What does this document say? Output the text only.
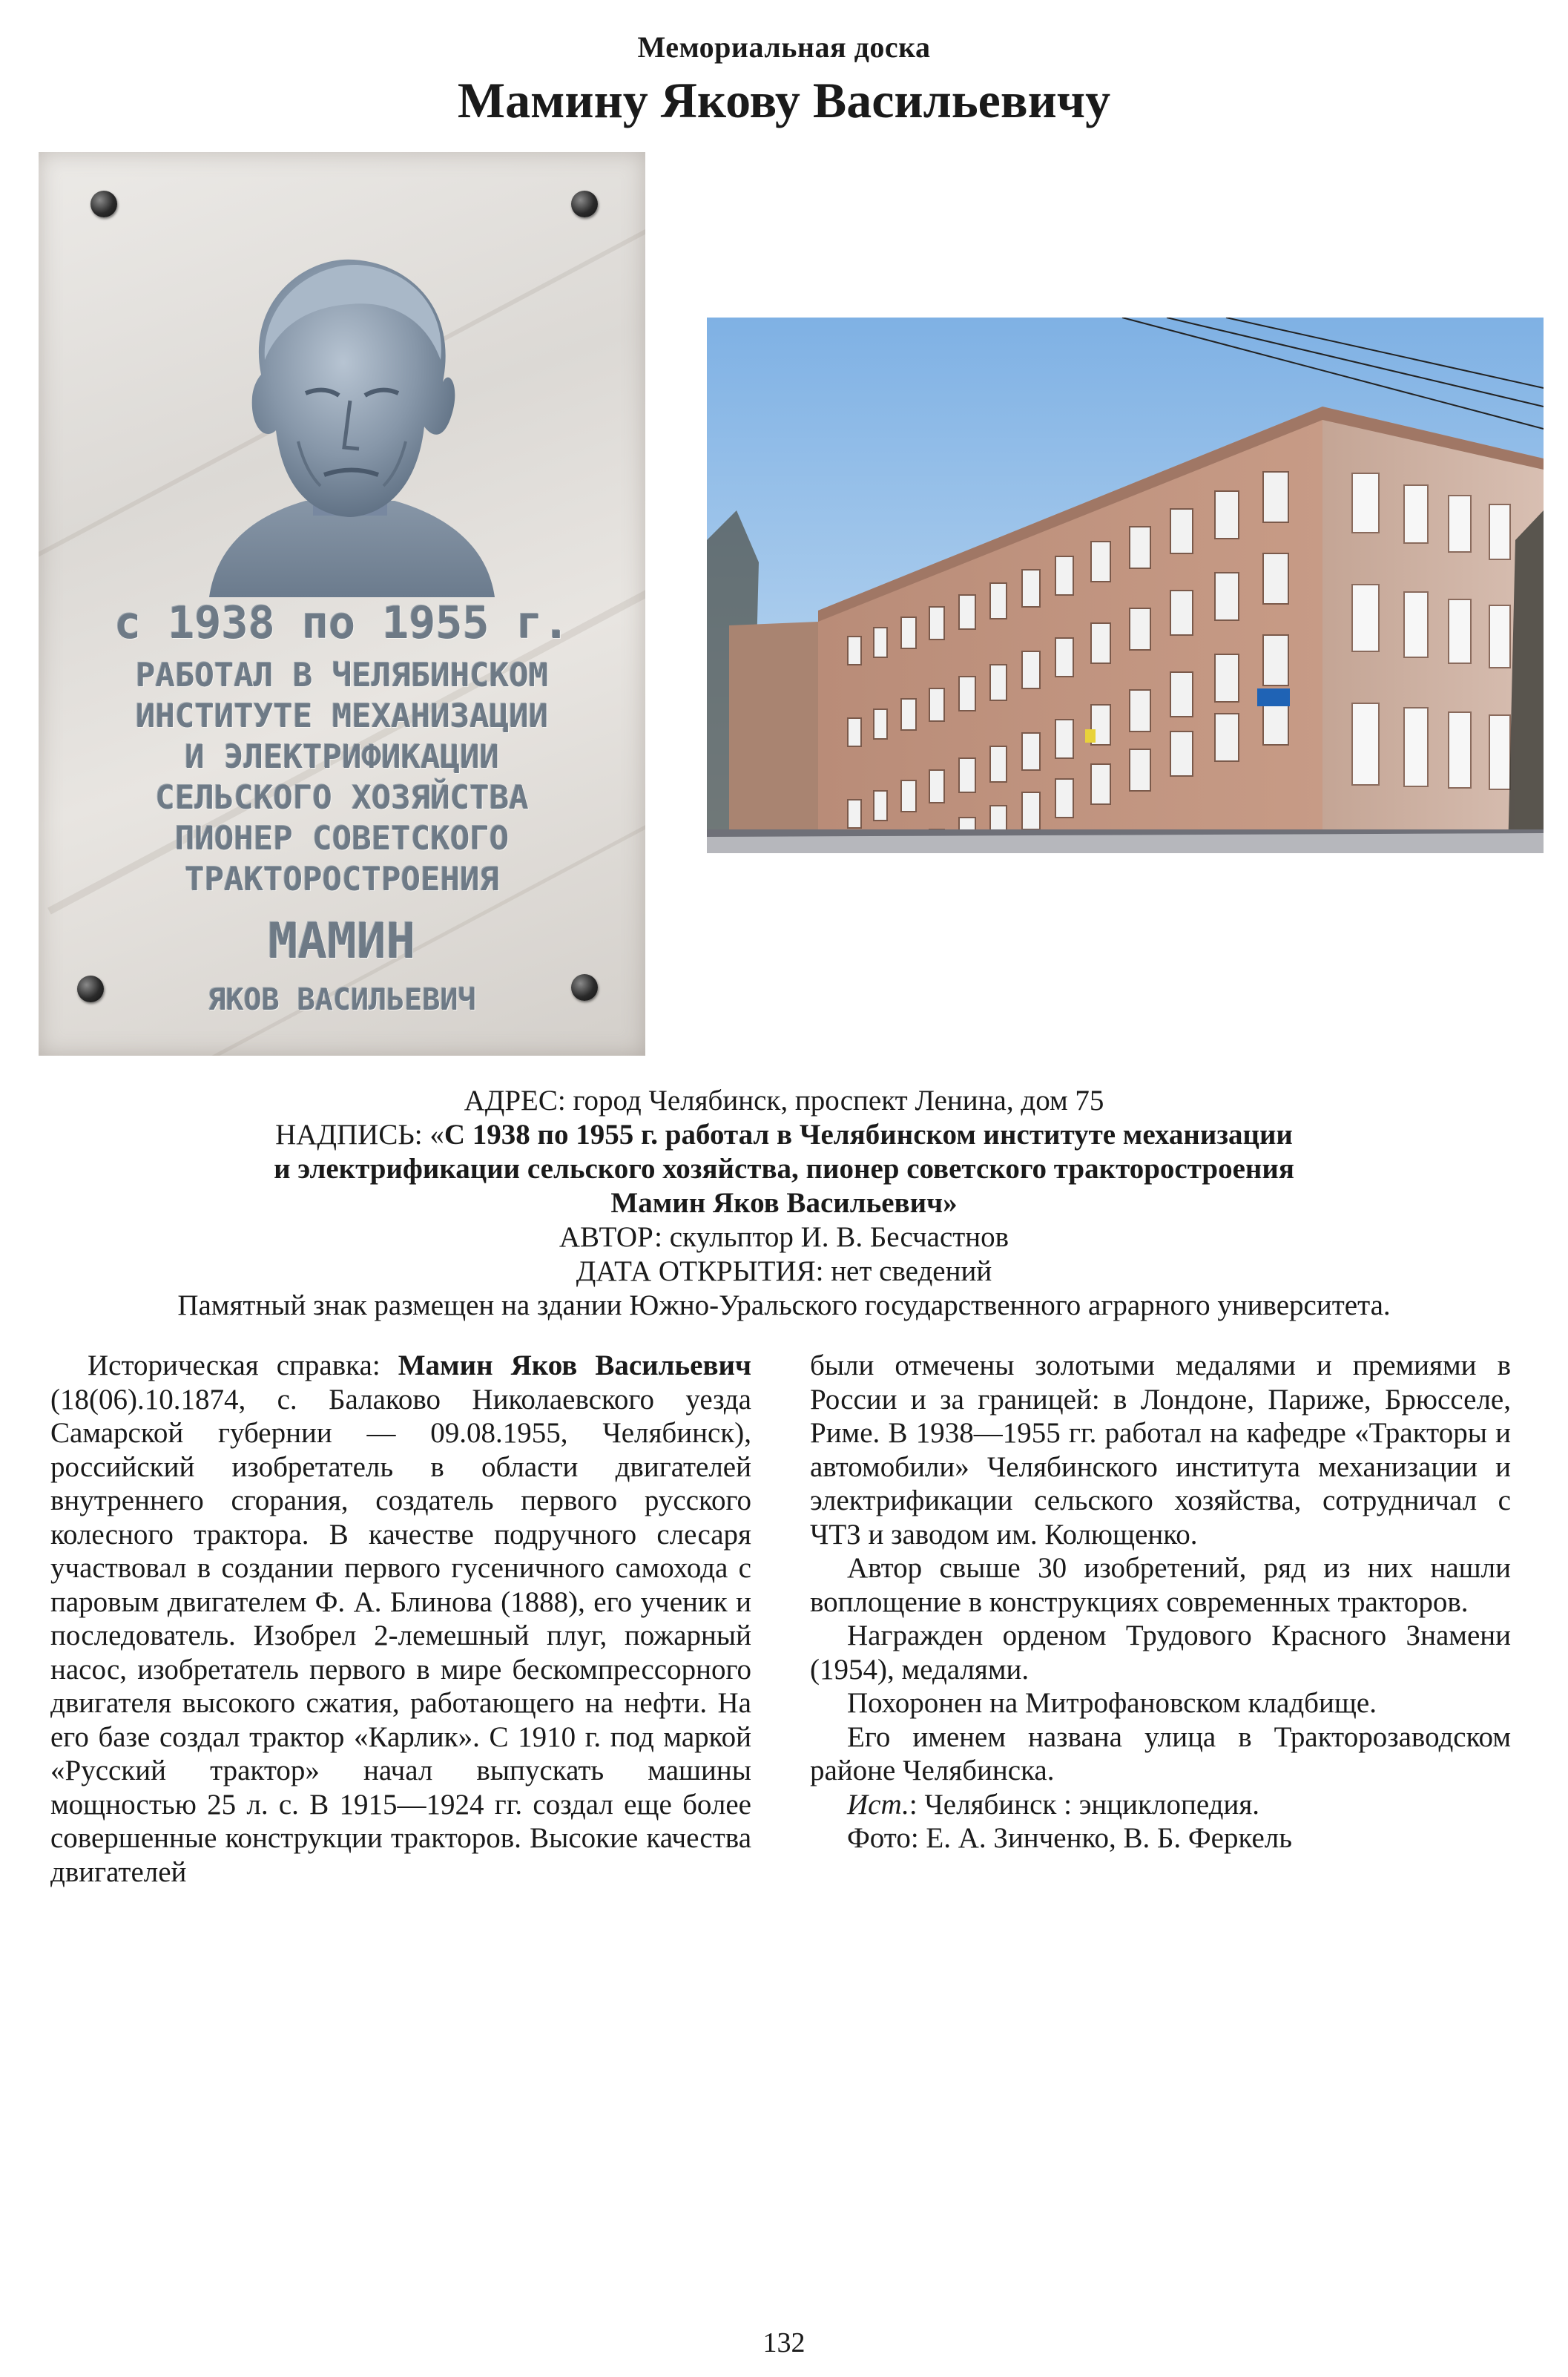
Мемориальная доска
Мамину Якову Васильевичу
с 1938 по 1955 г.
РАБОТАЛ В ЧЕЛЯБИНСКОМ
ИНСТИТУТЕ МЕХАНИЗАЦИИ
И ЭЛЕКТРИФИКАЦИИ
СЕЛЬСКОГО ХОЗЯЙСТВА
ПИОНЕР СОВЕТСКОГО
ТРАКТОРОСТРОЕНИЯ
МАМИН
ЯКОВ ВАСИЛЬЕВИЧ
АДРЕС: город Челябинск, проспект Ленина, дом 75
НАДПИСЬ: «С 1938 по 1955 г. работал в Челябинском институте механизации
и электрификации сельского хозяйства, пионер советского тракторостроения
Мамин Яков Васильевич»
АВТОР: скульптор И. В. Бесчастнов
ДАТА ОТКРЫТИЯ: нет сведений
Памятный знак размещен на здании Южно-Уральского государственного аграрного университета.

Историческая справка: Мамин Яков Васильевич (18(06).10.1874, с. Балаково Николаевского уезда Самарской губернии — 09.08.1955, Челябинск), российский изобретатель в области двигателей внутреннего сгорания, создатель первого русского колесного трактора. В качестве подручного слесаря участвовал в создании первого гусеничного самохода с паровым двигателем Ф. А. Блинова (1888), его ученик и последователь. Изобрел 2-лемешный плуг, пожарный насос, изобретатель первого в мире бескомпрессорного двигателя высокого сжатия, работающего на нефти. На его базе создал трактор «Карлик». С 1910 г. под маркой «Русский трактор» начал выпускать машины мощностью 25 л. с. В 1915—1924 гг. создал еще более совершенные конструкции тракторов. Высокие качества двигателей

были отмечены золотыми медалями и премиями в России и за границей: в Лондоне, Париже, Брюсселе, Риме. В 1938—1955 гг. работал на кафедре «Тракторы и автомобили» Челябинского института механизации и электрификации сельского хозяйства, сотрудничал с ЧТЗ и заводом им. Колющенко.

Автор свыше 30 изобретений, ряд из них нашли воплощение в конструкциях современных тракторов.

Награжден орденом Трудового Красного Знамени (1954), медалями.

Похоронен на Митрофановском кладбище.

Его именем названа улица в Тракторозаводском районе Челябинска.

Ист.: Челябинск : энциклопедия.

Фото: Е. А. Зинченко, В. Б. Феркель

132
